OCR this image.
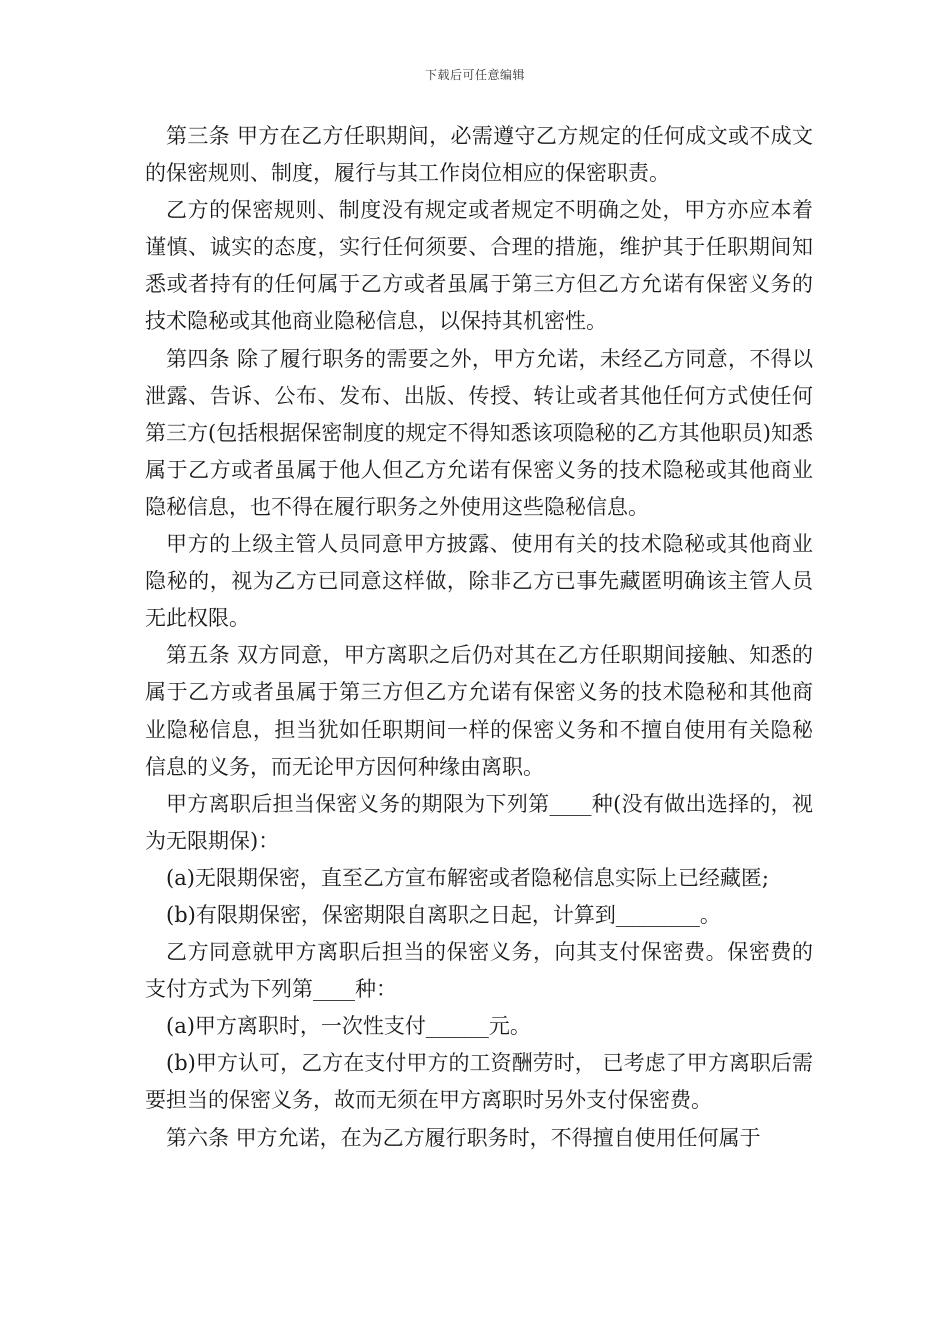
下载后可任意编辑

第三条 甲方在乙方任职期间，必需遵守乙方规定的任何成文或不成文的保密规则、制度，履行与其工作岗位相应的保密职责。

乙方的保密规则、制度没有规定或者规定不明确之处，甲方亦应本着谨慎、诚实的态度，实行任何须要、合理的措施，维护其于任职期间知悉或者持有的任何属于乙方或者虽属于第三方但乙方允诺有保密义务的技术隐秘或其他商业隐秘信息，以保持其机密性。

第四条 除了履行职务的需要之外，甲方允诺，未经乙方同意，不得以泄露、告诉、公布、发布、出版、传授、转让或者其他任何方式使任何第三方(包括根据保密制度的规定不得知悉该项隐秘的乙方其他职员)知悉属于乙方或者虽属于他人但乙方允诺有保密义务的技术隐秘或其他商业隐秘信息，也不得在履行职务之外使用这些隐秘信息。

甲方的上级主管人员同意甲方披露、使用有关的技术隐秘或其他商业隐秘的，视为乙方已同意这样做，除非乙方已事先藏匿明确该主管人员无此权限。

第五条 双方同意，甲方离职之后仍对其在乙方任职期间接触、知悉的属于乙方或者虽属于第三方但乙方允诺有保密义务的技术隐秘和其他商业隐秘信息，担当犹如任职期间一样的保密义务和不擅自使用有关隐秘信息的义务，而无论甲方因何种缘由离职。

甲方离职后担当保密义务的期限为下列第____种(没有做出选择的，视为无限期保)：

(a)无限期保密，直至乙方宣布解密或者隐秘信息实际上已经藏匿;

(b)有限期保密，保密期限自离职之日起，计算到________。

乙方同意就甲方离职后担当的保密义务，向其支付保密费。保密费的支付方式为下列第____种：

(a)甲方离职时，一次性支付______元。

(b)甲方认可，乙方在支付甲方的工资酬劳时， 已考虑了甲方离职后需要担当的保密义务，故而无须在甲方离职时另外支付保密费。

第六条 甲方允诺，在为乙方履行职务时，不得擅自使用任何属于
